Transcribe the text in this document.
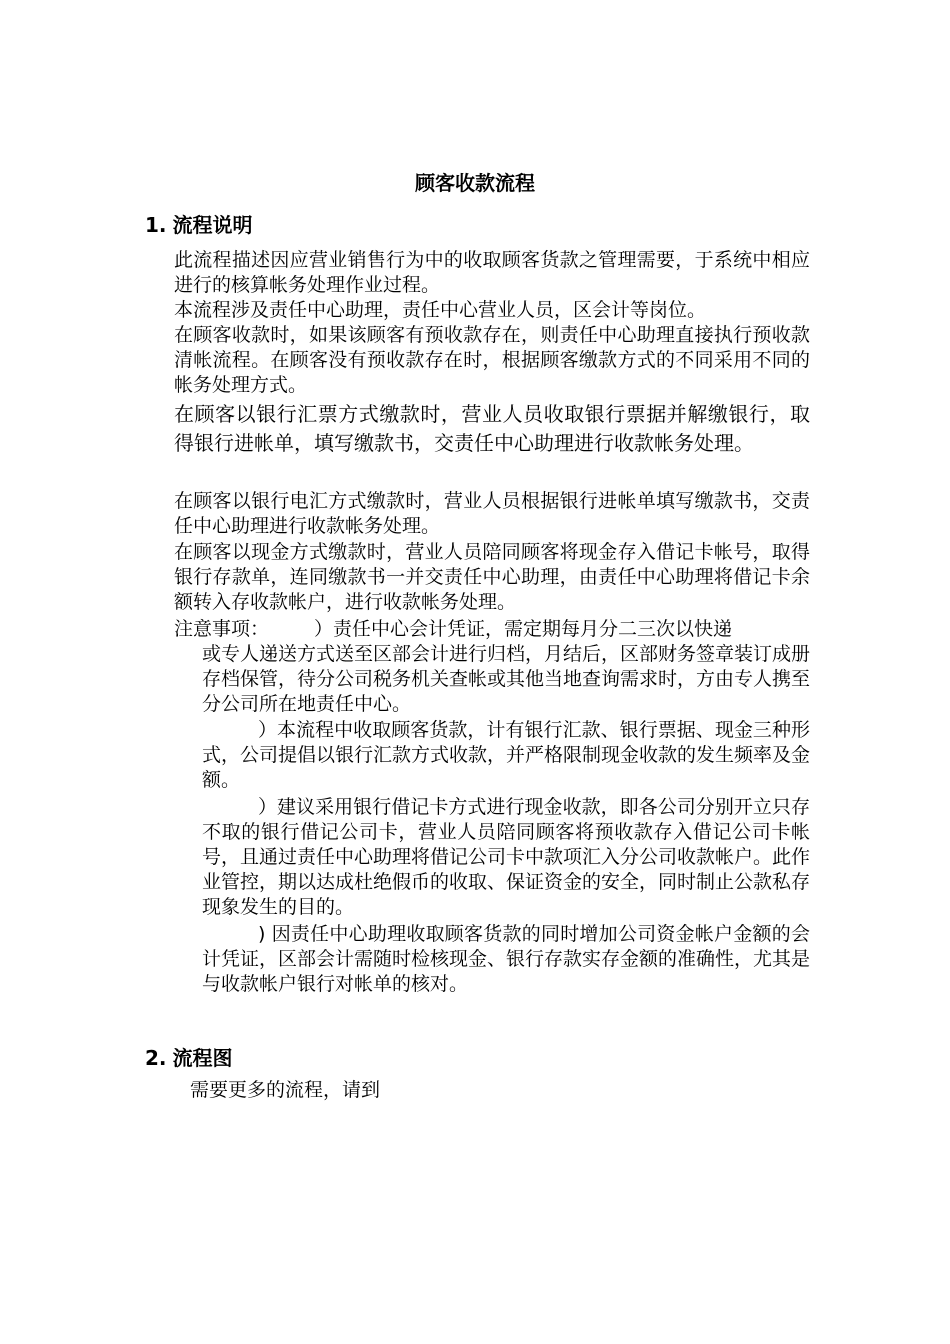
顾客收款流程
1. 流程说明

此流程描述因应营业销售行为中的收取顾客货款之管理需要，于系统中相应进行的核算帐务处理作业过程。

本流程涉及责任中心助理，责任中心营业人员，区会计等岗位。

在顾客收款时，如果该顾客有预收款存在，则责任中心助理直接执行预收款清帐流程。在顾客没有预收款存在时，根据顾客缴款方式的不同采用不同的帐务处理方式。

在顾客以银行汇票方式缴款时，营业人员收取银行票据并解缴银行，取得银行进帐单，填写缴款书，交责任中心助理进行收款帐务处理。

在顾客以银行电汇方式缴款时，营业人员根据银行进帐单填写缴款书，交责任中心助理进行收款帐务处理。

在顾客以现金方式缴款时，营业人员陪同顾客将现金存入借记卡帐号，取得银行存款单，连同缴款书一并交责任中心助理，由责任中心助理将借记卡余额转入存收款帐户，进行收款帐务处理。

注意事项： ）责任中心会计凭证，需定期每月分二三次以快递

或专人递送方式送至区部会计进行归档，月结后，区部财务签章装订成册存档保管，待分公司税务机关查帐或其他当地查询需求时，方由专人携至分公司所在地责任中心。

）本流程中收取顾客货款，计有银行汇款、银行票据、现金三种形式，公司提倡以银行汇款方式收款，并严格限制现金收款的发生频率及金额。

）建议采用银行借记卡方式进行现金收款，即各公司分别开立只存不取的银行借记公司卡，营业人员陪同顾客将预收款存入借记公司卡帐号，且通过责任中心助理将借记公司卡中款项汇入分公司收款帐户。此作业管控，期以达成杜绝假币的收取、保证资金的安全，同时制止公款私存现象发生的目的。

) 因责任中心助理收取顾客货款的同时增加公司资金帐户金额的会计凭证，区部会计需随时检核现金、银行存款实存金额的准确性，尤其是与收款帐户银行对帐单的核对。

2. 流程图
需要更多的流程，请到
